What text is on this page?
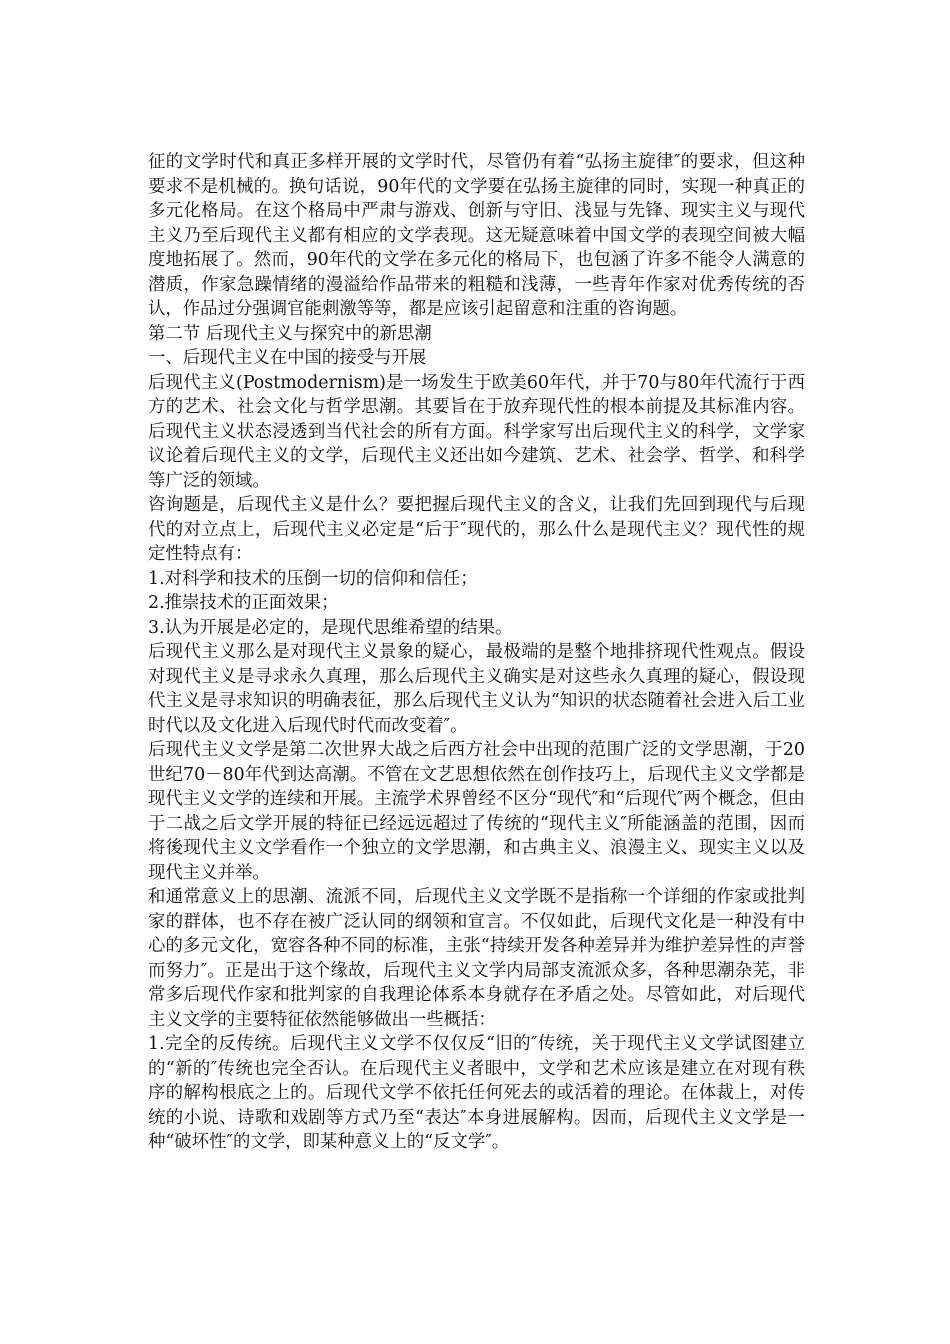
征的文学时代和真正多样开展的文学时代，尽管仍有着“弘扬主旋律″的要求，但这种要求不是机械的。换句话说，90年代的文学要在弘扬主旋律的同时，实现一种真正的多元化格局。在这个格局中严肃与游戏、创新与守旧、浅显与先锋、现实主义与现代主义乃至后现代主义都有相应的文学表现。这无疑意味着中国文学的表现空间被大幅度地拓展了。然而，90年代的文学在多元化的格局下，也包涵了许多不能令人满意的潜质，作家急躁情绪的漫溢给作品带来的粗糙和浅薄，一些青年作家对优秀传统的否认，作品过分强调官能刺激等等，都是应该引起留意和注重的咨询题。

第二节 后现代主义与探究中的新思潮

一、后现代主义在中国的接受与开展

后现代主义(Postmodernism)是一场发生于欧美60年代，并于70与80年代流行于西方的艺术、社会文化与哲学思潮。其要旨在于放弃现代性的根本前提及其标准内容。后现代主义状态浸透到当代社会的所有方面。科学家写出后现代主义的科学，文学家议论着后现代主义的文学，后现代主义还出如今建筑、艺术、社会学、哲学、和科学等广泛的领域。

咨询题是，后现代主义是什么？要把握后现代主义的含义，让我们先回到现代与后现代的对立点上，后现代主义必定是“后于″现代的，那么什么是现代主义？现代性的规定性特点有：

1.对科学和技术的压倒一切的信仰和信任；

2.推崇技术的正面效果；

3.认为开展是必定的，是现代思维希望的结果。

后现代主义那么是对现代主义景象的疑心，最极端的是整个地排挤现代性观点。假设对现代主义是寻求永久真理，那么后现代主义确实是对这些永久真理的疑心，假设现代主义是寻求知识的明确表征，那么后现代主义认为“知识的状态随着社会进入后工业时代以及文化进入后现代时代而改变着″。

后现代主义文学是第二次世界大战之后西方社会中出现的范围广泛的文学思潮，于20世纪70－80年代到达高潮。不管在文艺思想依然在创作技巧上，后现代主义文学都是现代主义文学的连续和开展。主流学术界曾经不区分“现代″和“后现代″两个概念，但由于二战之后文学开展的特征已经远远超过了传统的“现代主义″所能涵盖的范围，因而将後现代主义文学看作一个独立的文学思潮，和古典主义、浪漫主义、现实主义以及现代主义并举。

和通常意义上的思潮、流派不同，后现代主义文学既不是指称一个详细的作家或批判家的群体，也不存在被广泛认同的纲领和宣言。不仅如此，后现代文化是一种没有中心的多元文化，宽容各种不同的标准，主张“持续开发各种差异并为维护差异性的声誉而努力″。正是出于这个缘故，后现代主义文学内局部支流派众多，各种思潮杂芜，非常多后现代作家和批判家的自我理论体系本身就存在矛盾之处。尽管如此，对后现代主义文学的主要特征依然能够做出一些概括：

1.完全的反传统。后现代主义文学不仅仅反“旧的″传统，关于现代主义文学试图建立的“新的″传统也完全否认。在后现代主义者眼中，文学和艺术应该是建立在对现有秩序的解构根底之上的。后现代文学不依托任何死去的或活着的理论。在体裁上，对传统的小说、诗歌和戏剧等方式乃至“表达″本身进展解构。因而，后现代主义文学是一种“破坏性″的文学，即某种意义上的“反文学″。
